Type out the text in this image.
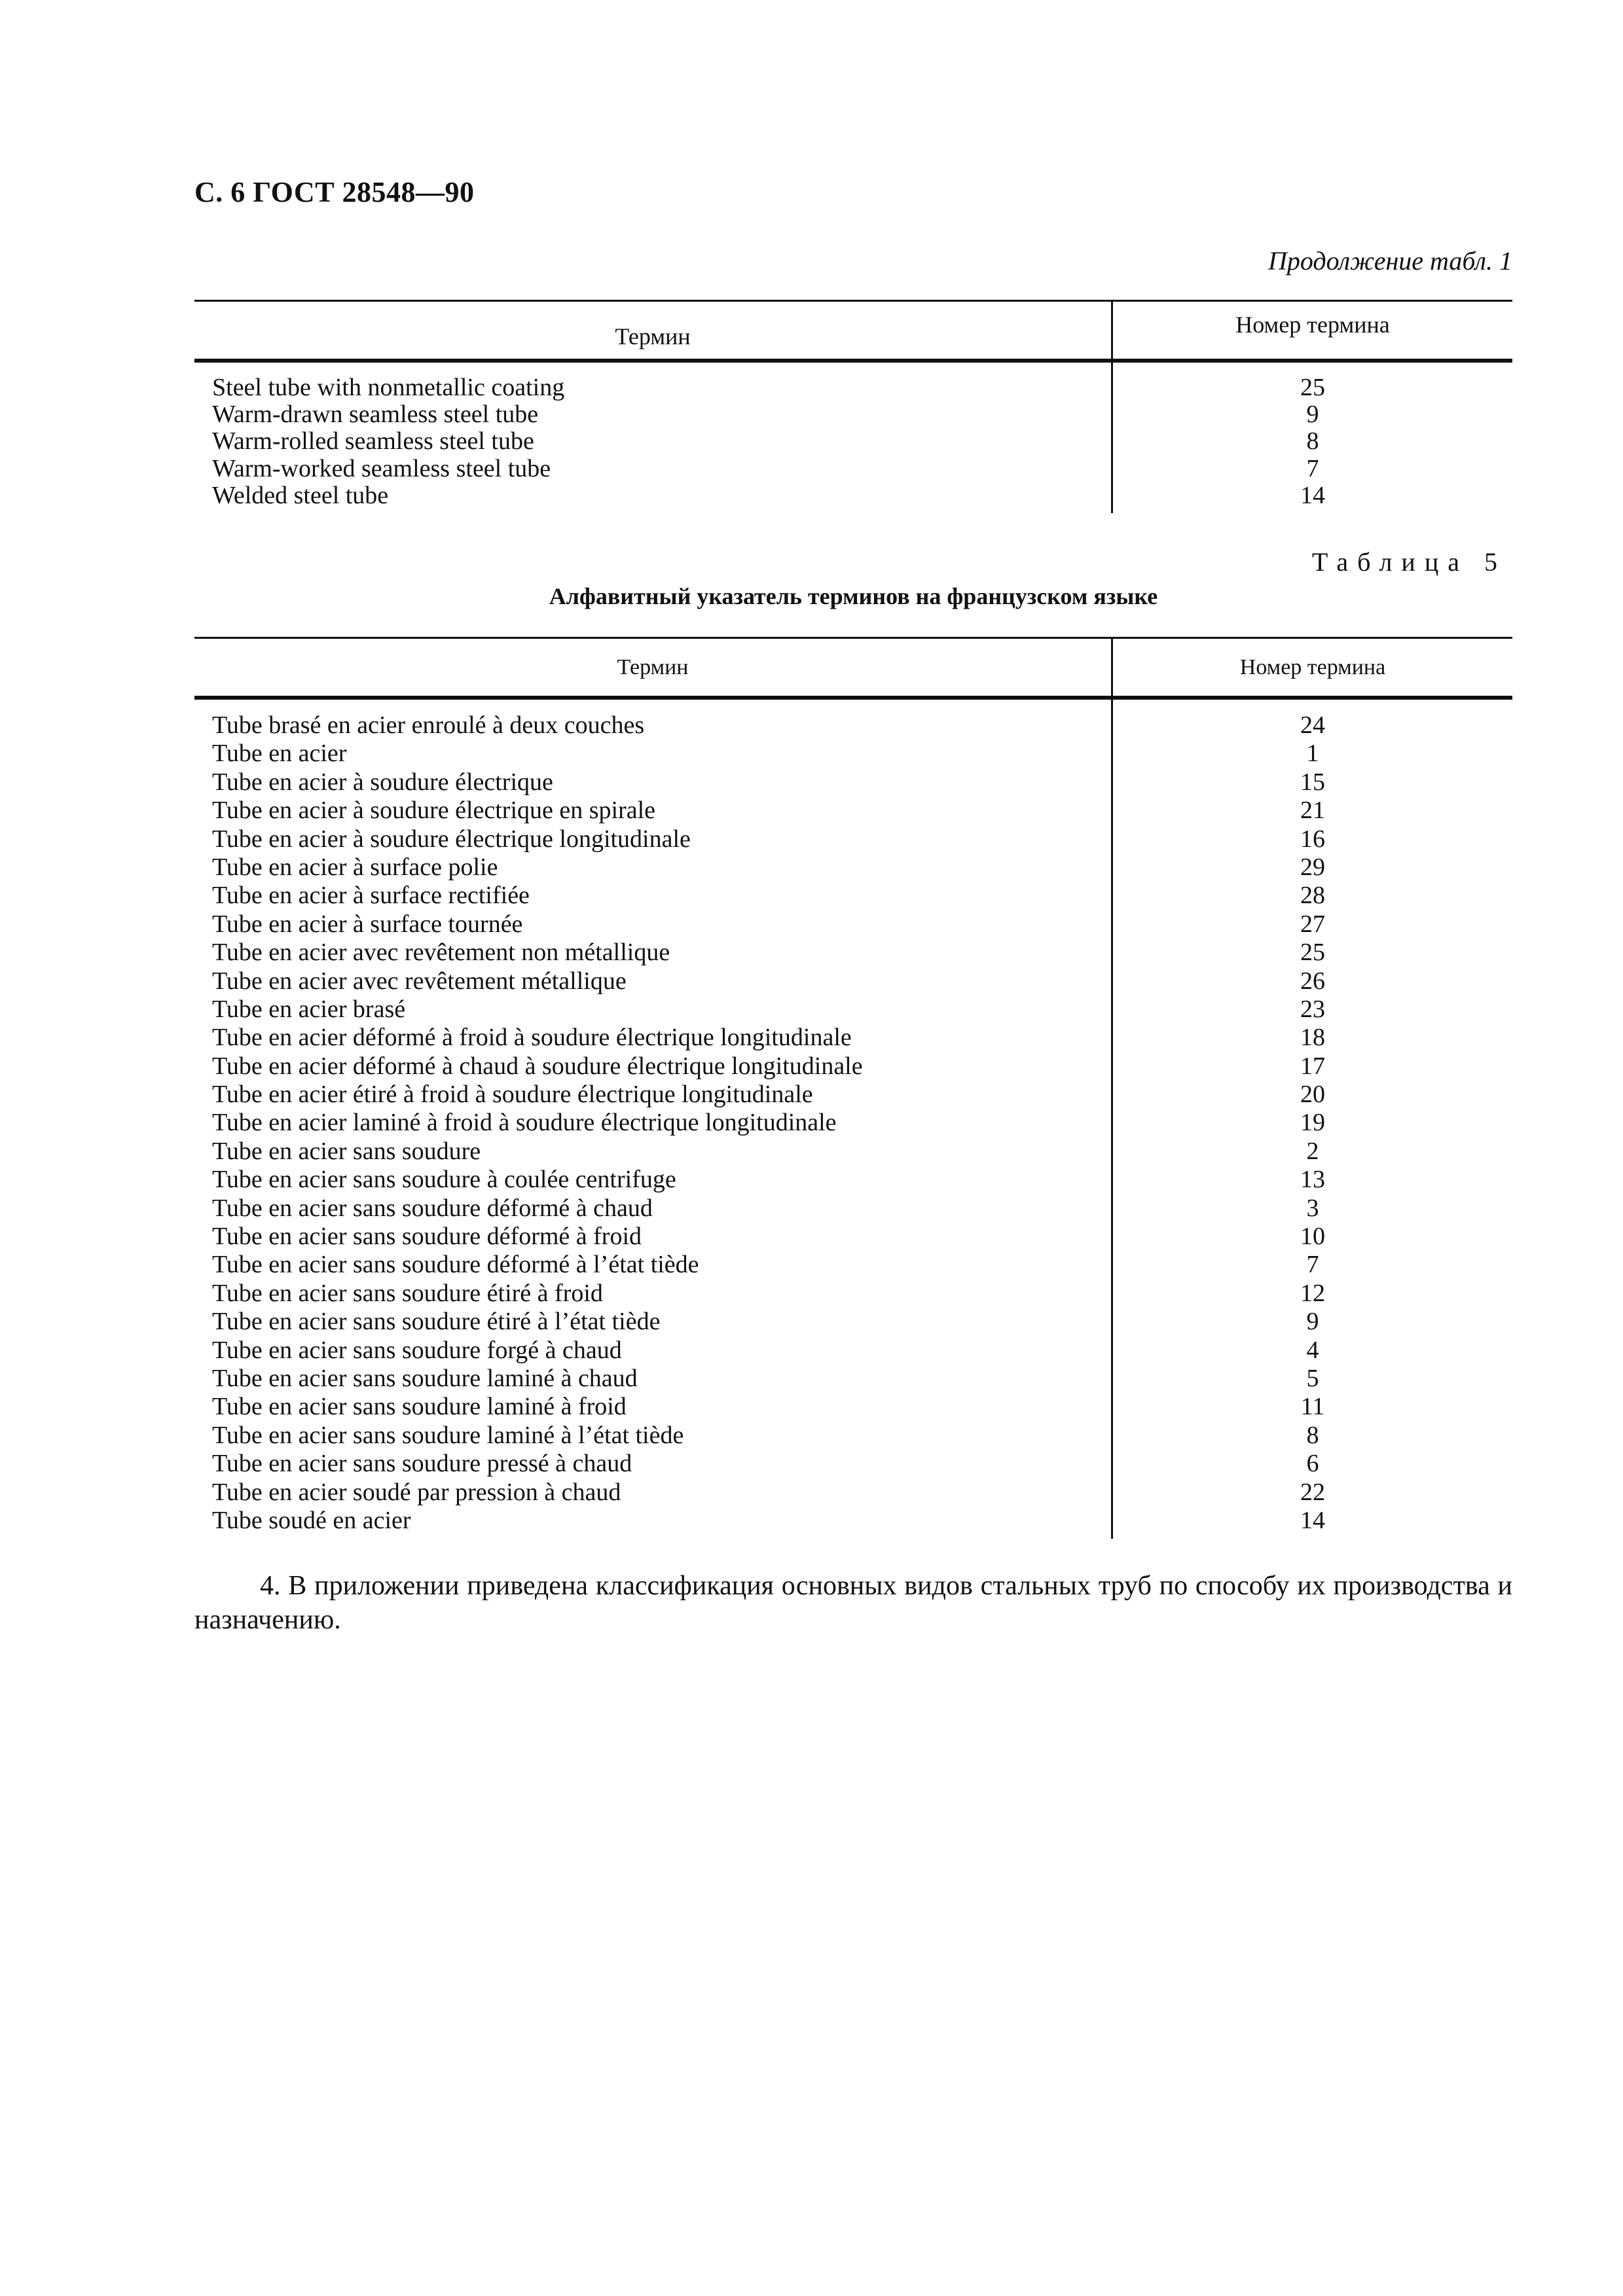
С. 6 ГОСТ 28548—90
Продолжение табл. 1
Термин	Номер термина
Steel tube with nonmetallic coating
Warm-drawn seamless steel tube
Warm-rolled seamless steel tube
Warm-worked seamless steel tube
Welded steel tube
25
9
8
7
14
Таблица 5
Алфавитный указатель терминов на французском языке
Термин	Номер термина
Tube brasé en acier enroulé à deux couches
Tube en acier
Tube en acier à soudure électrique
Tube en acier à soudure électrique en spirale
Tube en acier à soudure électrique longitudinale
Tube en acier à surface polie
Tube en acier à surface rectifiée
Tube en acier à surface tournée
Tube en acier avec revêtement non métallique
Tube en acier avec revêtement métallique
Tube en acier brasé
Tube en acier déformé à froid à soudure électrique longitudinale
Tube en acier déformé à chaud à soudure électrique longitudinale
Tube en acier étiré à froid à soudure électrique longitudinale
Tube en acier laminé à froid à soudure électrique longitudinale
Tube en acier sans soudure
Tube en acier sans soudure à coulée centrifuge
Tube en acier sans soudure déformé à chaud
Tube en acier sans soudure déformé à froid
Tube en acier sans soudure déformé à l’état tiède
Tube en acier sans soudure étiré à froid
Tube en acier sans soudure étiré à l’état tiède
Tube en acier sans soudure forgé à chaud
Tube en acier sans soudure laminé à chaud
Tube en acier sans soudure laminé à froid
Tube en acier sans soudure laminé à l’état tiède
Tube en acier sans soudure pressé à chaud
Tube en acier soudé par pression à chaud
Tube soudé en acier
24
1
15
21
16
29
28
27
25
26
23
18
17
20
19
2
13
3
10
7
12
9
4
5
11
8
6
22
14
4. В приложении приведена классификация основных видов стальных труб по способу их производства и назначению.
